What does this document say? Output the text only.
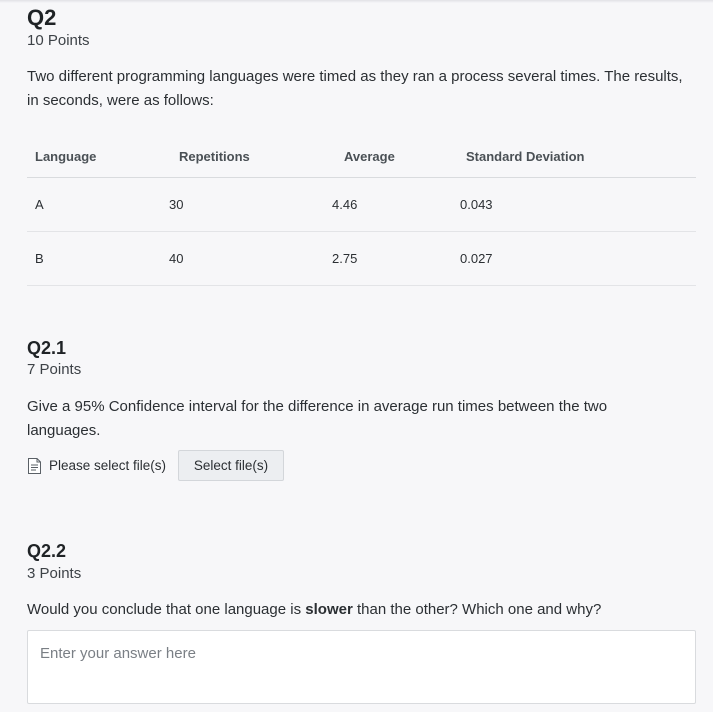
Q2

10 Points

Two different programming languages were timed as they ran a process several times. The results, in seconds, were as follows:

Language	Repetitions	Average	Standard Deviation
A	30	4.46	0.043
B	40	2.75	0.027
Q2.1

7 Points

Give a 95% Confidence interval for the difference in average run times between the two languages.

Please select file(s)	Select file(s)
Q2.2

3 Points

Would you conclude that one language is slower than the other? Which one and why?

Enter your answer here
